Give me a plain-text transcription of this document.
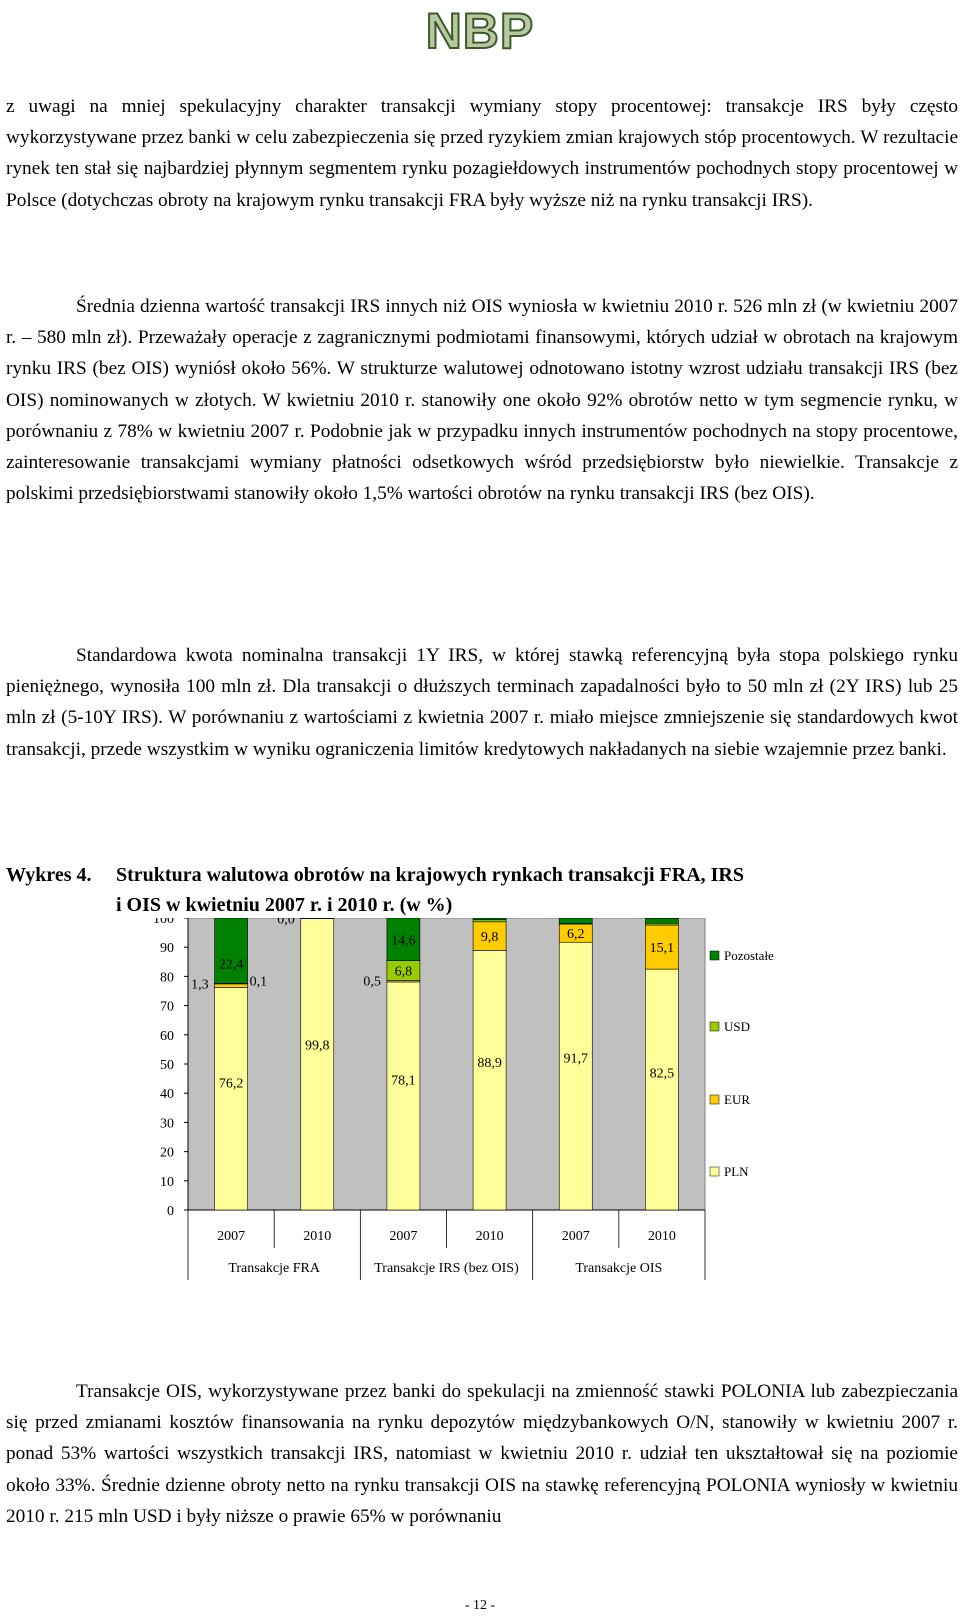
NBP
z uwagi na mniej spekulacyjny charakter transakcji wymiany stopy procentowej: transakcje IRS były często wykorzystywane przez banki w celu zabezpieczenia się przed ryzykiem zmian krajowych stóp procentowych. W rezultacie rynek ten stał się najbardziej płynnym segmentem rynku pozagiełdowych instrumentów pochodnych stopy procentowej w Polsce (dotychczas obroty na krajowym rynku transakcji FRA były wyższe niż na rynku transakcji IRS).
Średnia dzienna wartość transakcji IRS innych niż OIS wyniosła w kwietniu 2010 r. 526 mln zł (w kwietniu 2007 r. – 580 mln zł). Przeważały operacje z zagranicznymi podmiotami finansowymi, których udział w obrotach na krajowym rynku IRS (bez OIS) wyniósł około 56%. W strukturze walutowej odnotowano istotny wzrost udziału transakcji IRS (bez OIS) nominowanych w złotych. W kwietniu 2010 r. stanowiły one około 92% obrotów netto w tym segmencie rynku, w porównaniu z 78% w kwietniu 2007 r. Podobnie jak w przypadku innych instrumentów pochodnych na stopy procentowe, zainteresowanie transakcjami wymiany płatności odsetkowych wśród przedsiębiorstw było niewielkie. Transakcje z polskimi przedsiębiorstwami stanowiły około 1,5% wartości obrotów na rynku transakcji IRS (bez OIS).
Standardowa kwota nominalna transakcji 1Y IRS, w której stawką referencyjną była stopa polskiego rynku pieniężnego, wynosiła 100 mln zł. Dla transakcji o dłuższych terminach zapadalności było to 50 mln zł (2Y IRS) lub 25 mln zł (5-10Y IRS). W porównaniu z wartościami z kwietnia 2007 r. miało miejsce zmniejszenie się standardowych kwot transakcji, przede wszystkim w wyniku ograniczenia limitów kredytowych nakładanych na siebie wzajemnie przez banki.
Wykres 4. Struktura walutowa obrotów na krajowych rynkach transakcji FRA, IRS
i OIS w kwietniu 2007 r. i 2010 r. (w %)
0
10
20
30
40
50
60
70
80
90
100
76,2
22,4
1,3	0,1
2007
99,8
0,0
2010
78,1
14,6
0,5
6,8
2007
88,9
9,8
2010
91,7
6,2
2007
82,5
15,1
2010
Transakcje FRA	Transakcje IRS (bez OIS)	Transakcje OIS
Pozostałe
USD
EUR
PLN
Transakcje OIS, wykorzystywane przez banki do spekulacji na zmienność stawki POLONIA lub zabezpieczania się przed zmianami kosztów finansowania na rynku depozytów międzybankowych O/N, stanowiły w kwietniu 2007 r. ponad 53% wartości wszystkich transakcji IRS, natomiast w kwietniu 2010 r. udział ten ukształtował się na poziomie około 33%. Średnie dzienne obroty netto na rynku transakcji OIS na stawkę referencyjną POLONIA wyniosły w kwietniu 2010 r. 215 mln USD i były niższe o prawie 65% w porównaniu
- 12 -
